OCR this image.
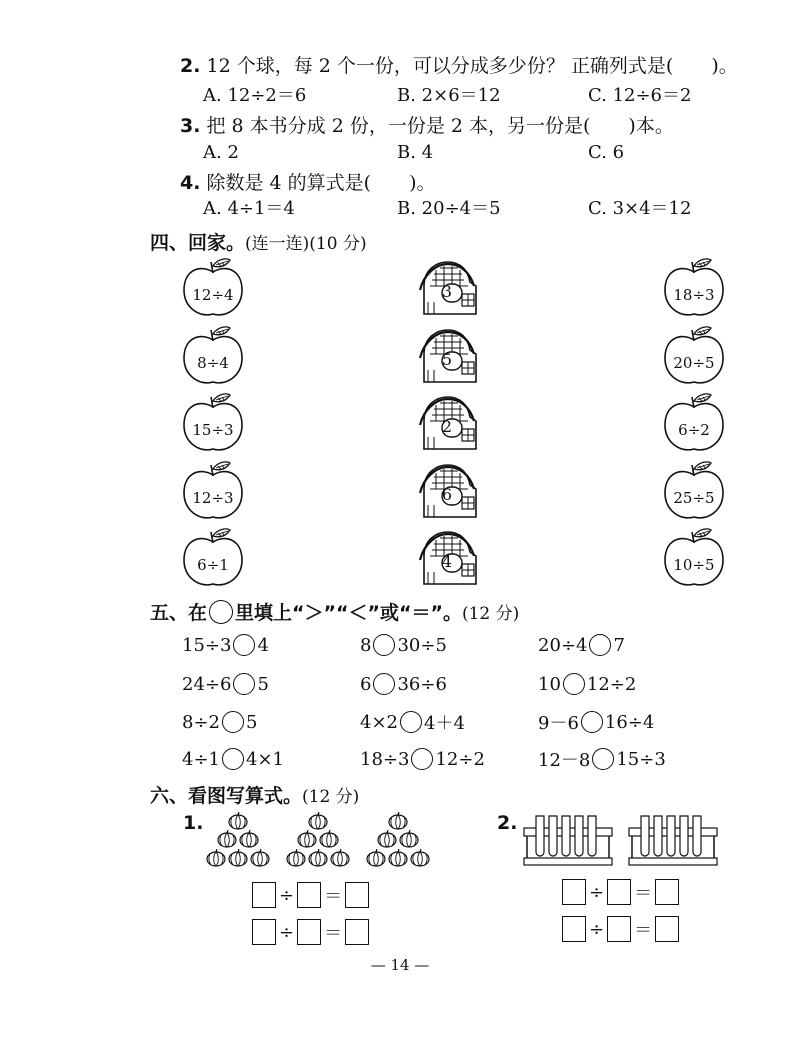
2. 12 个球，每 2 个一份，可以分成多少份？ 正确列式是(　　)。
A. 12÷2＝6	B. 2×6＝12	C. 12÷6＝2
3. 把 8 本书分成 2 份，一份是 2 本，另一份是(　　)本。
A. 2	B. 4	C. 6
4. 除数是 4 的算式是(　　)。
A. 4÷1＝4	B. 20÷4＝5	C. 3×4＝12
四、回家。(连一连)(10 分)
12÷4
8÷4
15÷3
12÷3
6÷1
3
5
2
6
4
18÷3
20÷5
6÷2
25÷5
10÷5
五、在 里填上“＞”“＜”或“＝”。 (12 分)
15÷3 4	8 30÷5	20÷4 7
24÷6 5	6 36÷6	10 12÷2
8÷2 5	4×2 4＋4	9－6 16÷4
4÷1 4×1	18÷3 12÷2	12－8 15÷3
六、看图写算式。(12 分)
1.	2.
÷ ＝
÷ ＝
÷ ＝
÷ ＝
— 14 —
